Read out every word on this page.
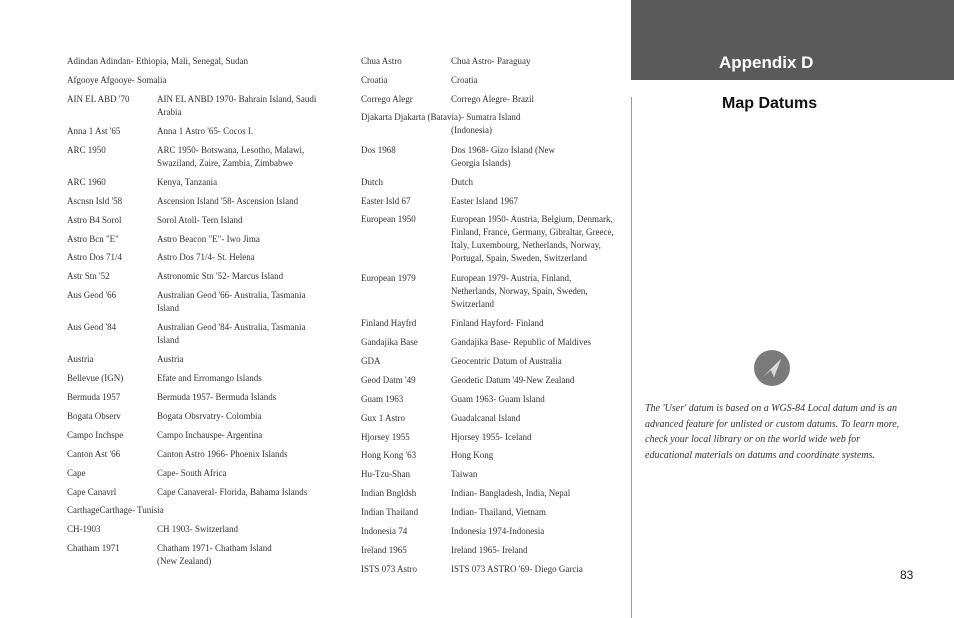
Appendix D
Map Datums
Adindan Adindan- Ethiopia, Mali, Senegal, Sudan
Afgooye Afgooye- Somalia
AIN EL ABD '70	AIN EL ANBD 1970- Bahrain Island, Saudi Arabia
Anna 1 Ast '65	Anna 1 Astro '65- Cocos I.
ARC 1950	ARC 1950- Botswana, Lesotho, Malawi, Swaziland, Zaire, Zambia, Zimbabwe
ARC 1960	Kenya, Tanzania
Ascnsn Isld '58	Ascension Island '58- Ascension Island
Astro B4 Sorol	Sorol Atoll- Tern Island
Astro Bcn "E"	Astro Beacon "E"- Iwo Jima
Astro Dos 71/4	Astro Dos 71/4- St. Helena
Astr Stn '52	Astronomic Stn '52- Marcus Island
Aus Geod '66	Australian Geod '66- Australia, Tasmania Island
Aus Geod '84	Australian Geod '84- Australia, Tasmania Island
Austria	Austria
Bellevue (IGN)	Efate and Erromango Islands
Bermuda 1957	Bermuda 1957- Bermuda Islands
Bogata Observ	Bogata Obsrvatry- Colombia
Campo Inchspe	Campo Inchauspe- Argentina
Canton Ast '66	Canton Astro 1966- Phoenix Islands
Cape	Cape- South Africa
Cape Canavrl	Cape Canaveral- Florida, Bahama Islands
CarthageCarthage- Tunisia
CH-1903	CH 1903- Switzerland
Chatham 1971	Chatham 1971- Chatham Island (New Zealand)
Chua Astro	Chua Astro- Paraguay
Croatia	Croatia
Corrego Alegr	Corrego Alegre- Brazil
Djakarta Djakarta (Batavia)- Sumatra Island
(Indonesia)
Dos 1968	Dos 1968- Gizo Island (New Georgia Islands)
Dutch	Dutch
Easter Isld 67	Easter Island 1967
European 1950	European 1950- Austria, Belgium, Denmark, Finland, France, Germany, Gibraltar, Greece, Italy, Luxembourg, Netherlands, Norway, Portugal, Spain, Sweden, Switzerland
European 1979	European 1979- Austria, Finland, Netherlands, Norway, Spain, Sweden, Switzerland
Finland Hayfrd	Finland Hayford- Finland
Gandajika Base	Gandajika Base- Republic of Maldives
GDA	Geocentric Datum of Australia
Geod Datm '49	Geodetic Datum '49-New Zealand
Guam 1963	Guam 1963- Guam Island
Gux 1 Astro	Guadalcanal Island
Hjorsey 1955	Hjorsey 1955- Iceland
Hong Kong '63	Hong Kong
Hu-Tzu-Shan	Taiwan
Indian Bngldsh	Indian- Bangladesh, India, Nepal
Indian Thailand	Indian- Thailand, Vietnam
Indonesia 74	Indonesia 1974-Indonesia
Ireland 1965	Ireland 1965- Ireland
ISTS 073 Astro	ISTS 073 ASTRO '69- Diego Garcia
The 'User' datum is based on a WGS-84 Local datum and is an advanced feature for unlisted or custom datums. To learn more, check your local library or on the world wide web for educational materials on datums and coordinate systems.
83
